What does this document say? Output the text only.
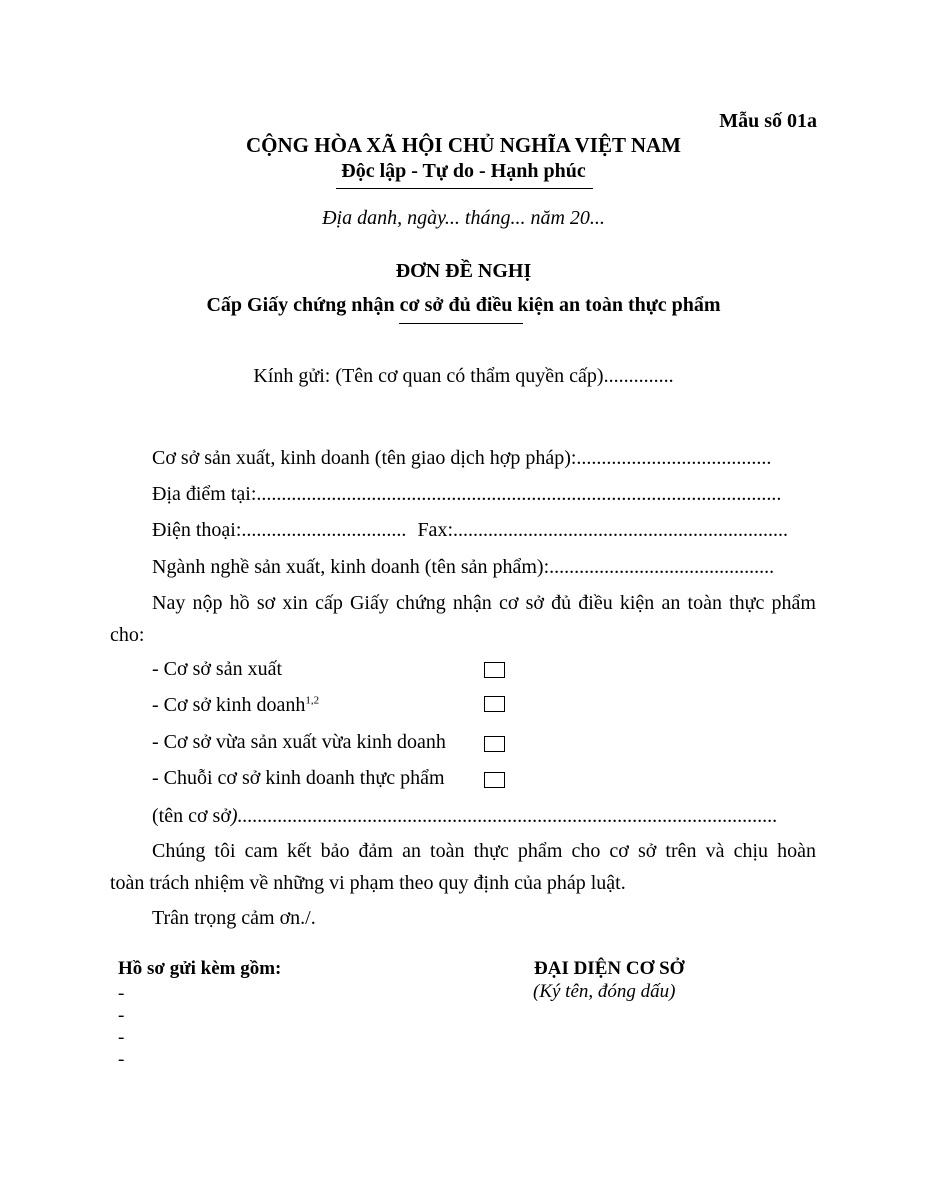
Mẫu số 01a
CỘNG HÒA XÃ HỘI CHỦ NGHĨA VIỆT NAM
Độc lập - Tự do - Hạnh phúc
Địa danh, ngày... tháng... năm 20...
ĐƠN ĐỀ NGHỊ
Cấp Giấy chứng nhận cơ sở đủ điều kiện an toàn thực phẩm
Kính gửi: (Tên cơ quan có thẩm quyền cấp)..............
Cơ sở sản xuất, kinh doanh (tên giao dịch hợp pháp):.......................................
Địa điểm tại:.........................................................................................................
Điện thoại:................................. Fax:...................................................................
Ngành nghề sản xuất, kinh doanh (tên sản phẩm):.............................................
Nay nộp hồ sơ xin cấp Giấy chứng nhận cơ sở đủ điều kiện an toàn thực phẩm
cho:
- Cơ sở sản xuất
- Cơ sở kinh doanh$^{1,2}$
- Cơ sở vừa sản xuất vừa kinh doanh
- Chuỗi cơ sở kinh doanh thực phẩm
(tên cơ sở)............................................................................................................
Chúng tôi cam kết bảo đảm an toàn thực phẩm cho cơ sở trên và chịu hoàn
toàn trách nhiệm về những vi phạm theo quy định của pháp luật.
Trân trọng cảm ơn./.
Hồ sơ gửi kèm gồm:
-
-
-
-
ĐẠI DIỆN CƠ SỞ
(Ký tên, đóng dấu)
